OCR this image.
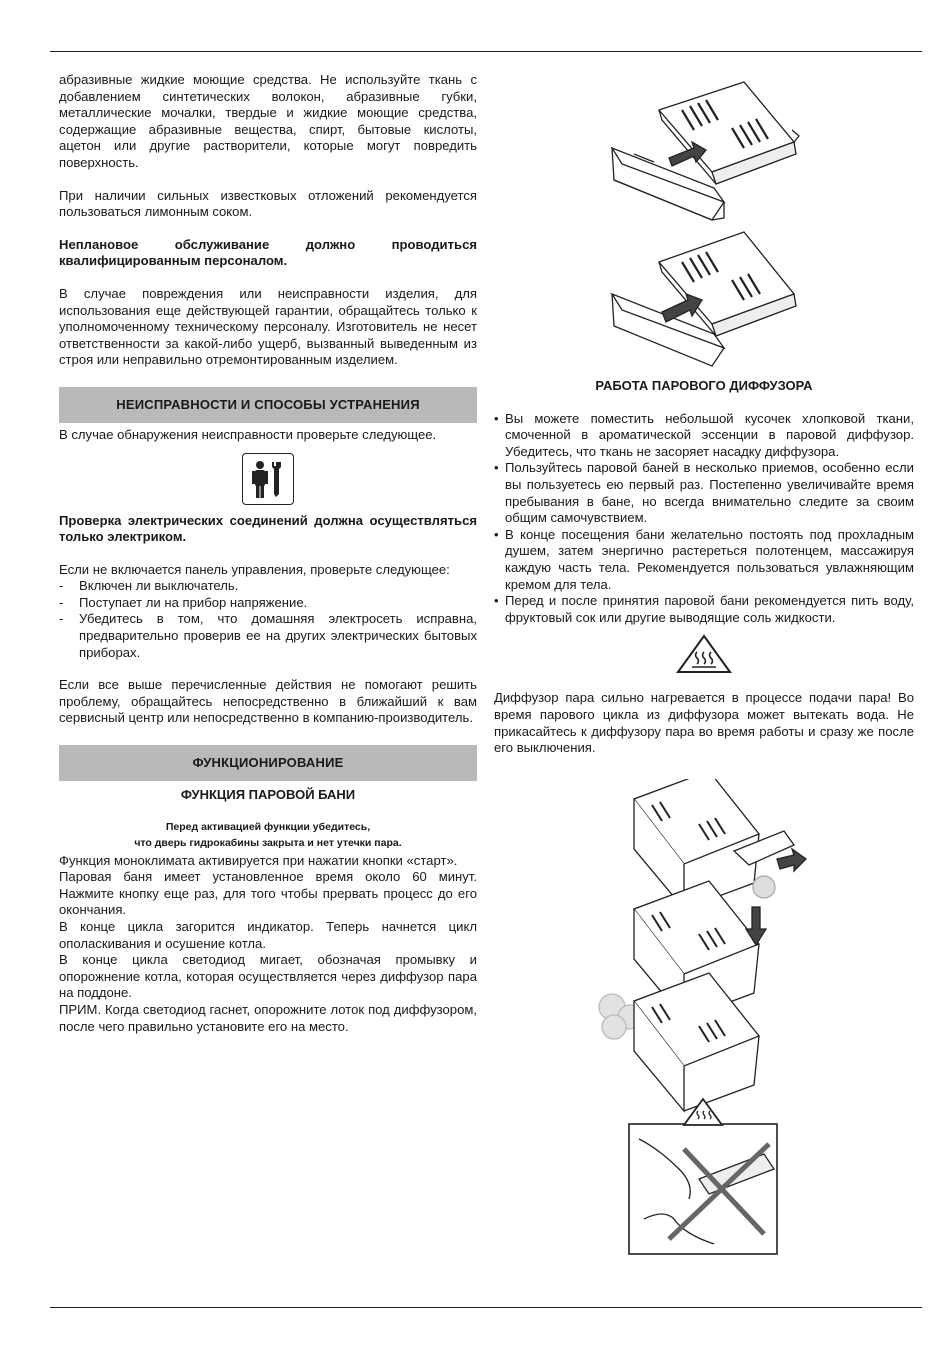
абразивные жидкие моющие средства. Не используйте ткань с добавлением синтетических волокон, абразивные губки, металлические мочалки, твердые и жидкие моющие средства, содержащие абразивные вещества, спирт, бытовые кислоты, ацетон или другие растворители, которые могут повредить поверхность.

При наличии сильных известковых отложений рекомендуется пользоваться лимонным соком.

Неплановое обслуживание должно проводиться квалифицированным персоналом.

В случае повреждения или неисправности изделия, для использования еще действующей гарантии, обращайтесь только к уполномоченному техническому персоналу. Изготовитель не несет ответственности за какой-либо ущерб, вызванный выведенным из строя или неправильно отремонтированным изделием.

НЕИСПРАВНОСТИ И СПОСОБЫ УСТРАНЕНИЯ

В случае обнаружения неисправности проверьте следующее.

Проверка электрических соединений должна осуществляться только электриком.

Если не включается панель управления, проверьте следующее:

- Включен ли выключатель.
- Поступает ли на прибор напряжение.
- Убедитесь в том, что домашняя электросеть исправна, предварительно проверив ее на других электрических бытовых приборах.

Если все выше перечисленные действия не помогают решить проблему, обращайтесь непосредственно в ближайший к вам сервисный центр или непосредственно в компанию-производитель.

ФУНКЦИОНИРОВАНИЕ

ФУНКЦИЯ ПАРОВОЙ БАНИ

Перед активацией функции убедитесь,

что дверь гидрокабины закрыта и нет утечки пара.

Функция моноклимата активируется при нажатии кнопки «старт».

Паровая баня имеет установленное время около 60 минут. Нажмите кнопку еще раз, для того чтобы прервать процесс до его окончания.

В конце цикла загорится индикатор. Теперь начнется цикл ополаскивания и осушение котла.

В конце цикла светодиод мигает, обозначая промывку и опорожнение котла, которая осуществляется через диффузор пара на поддоне.

ПРИМ. Когда светодиод гаснет, опорожните лоток под диффузором, после чего правильно установите его на место.

РАБОТА ПАРОВОГО ДИФФУЗОРА

• Вы можете поместить небольшой кусочек хлопковой ткани, смоченной в ароматической эссенции в паровой диффузор. Убедитесь, что ткань не засоряет насадку диффузора.
• Пользуйтесь паровой баней в несколько приемов, особенно если вы пользуетесь ею первый раз. Постепенно увеличивайте время пребывания в бане, но всегда внимательно следите за своим общим самочувствием.
• В конце посещения бани желательно постоять под прохладным душем, затем энергично растереться полотенцем, массажируя каждую часть тела. Рекомендуется пользоваться увлажняющим кремом для тела.
• Перед и после принятия паровой бани рекомендуется пить воду, фруктовый сок или другие выводящие соль жидкости.

Диффузор пара сильно нагревается в процессе подачи пара! Во время парового цикла из диффузора может вытекать вода. Не прикасайтесь к диффузору пара во время работы и сразу же после его выключения.
